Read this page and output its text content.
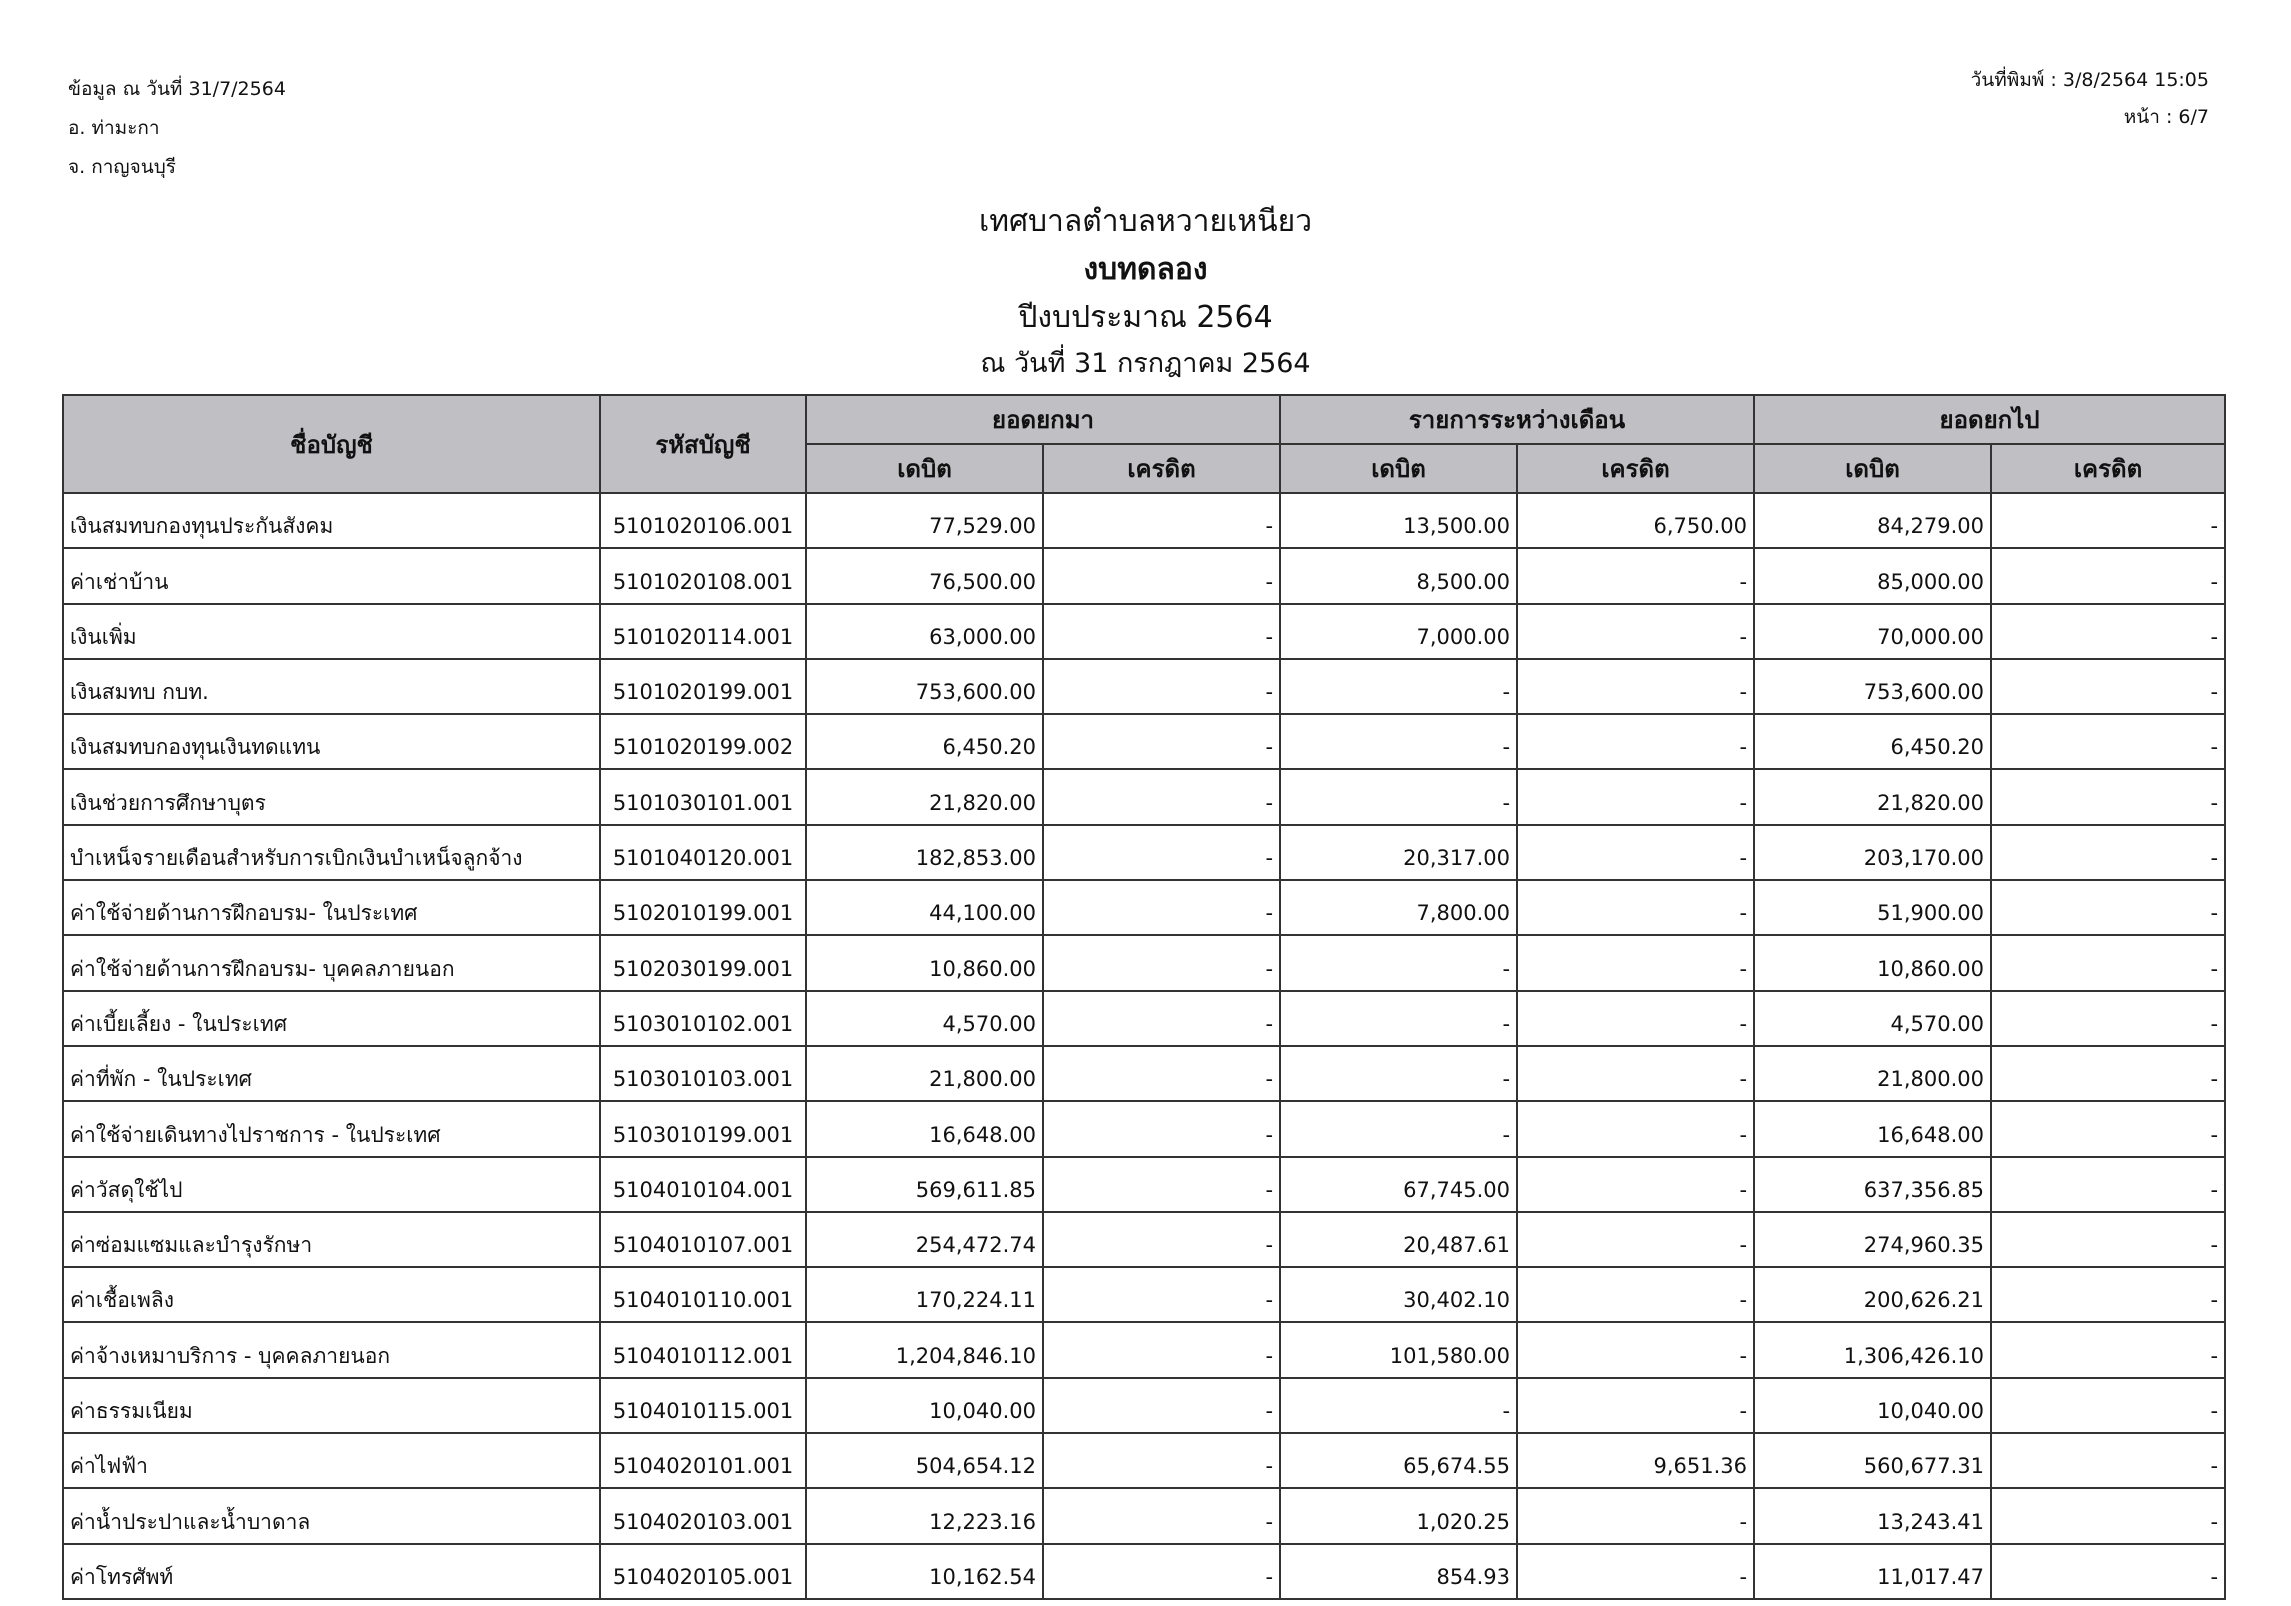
ข้อมูล ณ วันที่ 31/7/2564
อ. ท่ามะกา
จ. กาญจนบุรี
วันที่พิมพ์ : 3/8/2564 15:05
หน้า : 6/7
เทศบาลตำบลหวายเหนียว
งบทดลอง
ปีงบประมาณ 2564
ณ วันที่ 31 กรกฎาคม 2564
ชื่อบัญชี	รหัสบัญชี	ยอดยกมา		รายการระหว่างเดือน		ยอดยกไป	
		เดบิต	เครดิต	เดบิต	เครดิต	เดบิต	เครดิต
เงินสมทบกองทุนประกันสังคม	5101020106.001	77,529.00	-	13,500.00	6,750.00	84,279.00	-
ค่าเช่าบ้าน	5101020108.001	76,500.00	-	8,500.00	-	85,000.00	-
เงินเพิ่ม	5101020114.001	63,000.00	-	7,000.00	-	70,000.00	-
เงินสมทบ กบท.	5101020199.001	753,600.00	-	-	-	753,600.00	-
เงินสมทบกองทุนเงินทดแทน	5101020199.002	6,450.20	-	-	-	6,450.20	-
เงินช่วยการศึกษาบุตร	5101030101.001	21,820.00	-	-	-	21,820.00	-
บำเหน็จรายเดือนสำหรับการเบิกเงินบำเหน็จลูกจ้าง	5101040120.001	182,853.00	-	20,317.00	-	203,170.00	-
ค่าใช้จ่ายด้านการฝึกอบรม- ในประเทศ	5102010199.001	44,100.00	-	7,800.00	-	51,900.00	-
ค่าใช้จ่ายด้านการฝึกอบรม- บุคคลภายนอก	5102030199.001	10,860.00	-	-	-	10,860.00	-
ค่าเบี้ยเลี้ยง - ในประเทศ	5103010102.001	4,570.00	-	-	-	4,570.00	-
ค่าที่พัก - ในประเทศ	5103010103.001	21,800.00	-	-	-	21,800.00	-
ค่าใช้จ่ายเดินทางไปราชการ - ในประเทศ	5103010199.001	16,648.00	-	-	-	16,648.00	-
ค่าวัสดุใช้ไป	5104010104.001	569,611.85	-	67,745.00	-	637,356.85	-
ค่าซ่อมแซมและบำรุงรักษา	5104010107.001	254,472.74	-	20,487.61	-	274,960.35	-
ค่าเชื้อเพลิง	5104010110.001	170,224.11	-	30,402.10	-	200,626.21	-
ค่าจ้างเหมาบริการ - บุคคลภายนอก	5104010112.001	1,204,846.10	-	101,580.00	-	1,306,426.10	-
ค่าธรรมเนียม	5104010115.001	10,040.00	-	-	-	10,040.00	-
ค่าไฟฟ้า	5104020101.001	504,654.12	-	65,674.55	9,651.36	560,677.31	-
ค่าน้ำประปาและน้ำบาดาล	5104020103.001	12,223.16	-	1,020.25	-	13,243.41	-
ค่าโทรศัพท์	5104020105.001	10,162.54	-	854.93	-	11,017.47	-
